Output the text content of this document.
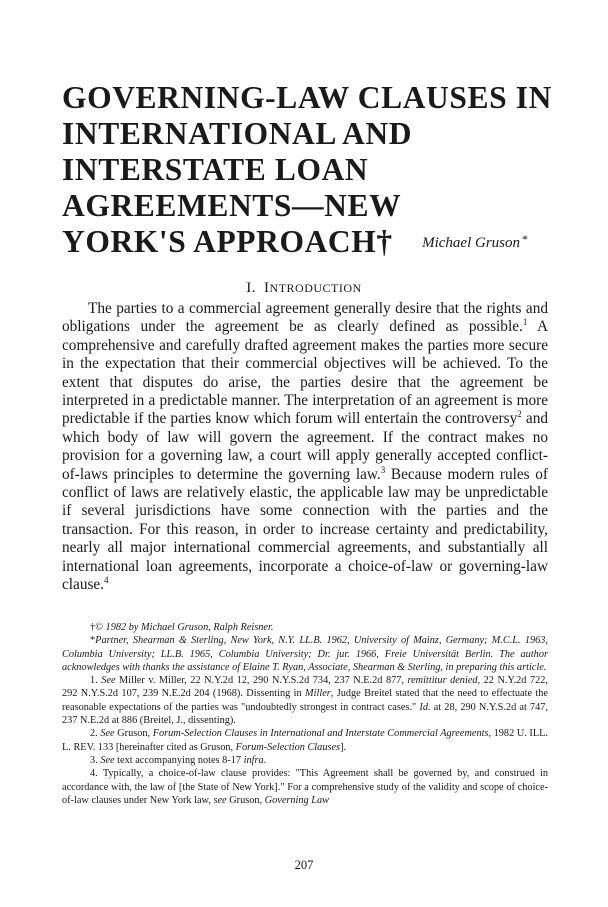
GOVERNING-LAW CLAUSES IN
INTERNATIONAL AND
INTERSTATE LOAN
AGREEMENTS—NEW
YORK'S APPROACH†	Michael Gruson *
I. INTRODUCTION

The parties to a commercial agreement generally desire that the rights and obligations under the agreement be as clearly defined as possible.$^1$ A comprehensive and carefully drafted agreement makes the parties more secure in the expectation that their commercial objectives will be achieved. To the extent that disputes do arise, the parties desire that the agreement be interpreted in a predictable manner. The interpretation of an agreement is more predictable if the parties know which forum will entertain the controversy$^2$ and which body of law will govern the agreement. If the contract makes no provision for a governing law, a court will apply generally accepted conflict-of-laws principles to determine the governing law.$^3$ Because modern rules of conflict of laws are relatively elastic, the applicable law may be unpredictable if several jurisdictions have some connection with the parties and the transaction. For this reason, in order to increase certainty and predictability, nearly all major international commercial agreements, and substantially all international loan agreements, incorporate a choice-of-law or governing-law clause.$^4$

†© 1982 by Michael Gruson, Ralph Reisner.

*Partner, Shearman & Sterling, New York, N.Y. LL.B. 1962, University of Mainz, Germany; M.C.L. 1963, Columbia University; LL.B. 1965, Columbia University; Dr. jur. 1966, Freie Universität Berlin. The author acknowledges with thanks the assistance of Elaine T. Ryan, Associate, Shearman & Sterling, in preparing this article.

1. See Miller v. Miller, 22 N.Y.2d 12, 290 N.Y.S.2d 734, 237 N.E.2d 877, remittitur denied, 22 N.Y.2d 722, 292 N.Y.S.2d 107, 239 N.E.2d 204 (1968). Dissenting in Miller, Judge Breitel stated that the need to effectuate the reasonable expectations of the parties was "undoubtedly strongest in contract cases." Id. at 28, 290 N.Y.S.2d at 747, 237 N.E.2d at 886 (Breitel, J., dissenting).

2. See Gruson, Forum-Selection Clauses in International and Interstate Commercial Agreements, 1982 U. ILL. L. REV. 133 [hereinafter cited as Gruson, Forum-Selection Clauses].

3. See text accompanying notes 8-17 infra.

4. Typically, a choice-of-law clause provides: "This Agreement shall be governed by, and construed in accordance with, the law of [the State of New York]." For a comprehensive study of the validity and scope of choice-of-law clauses under New York law, see Gruson, Governing Law

207
